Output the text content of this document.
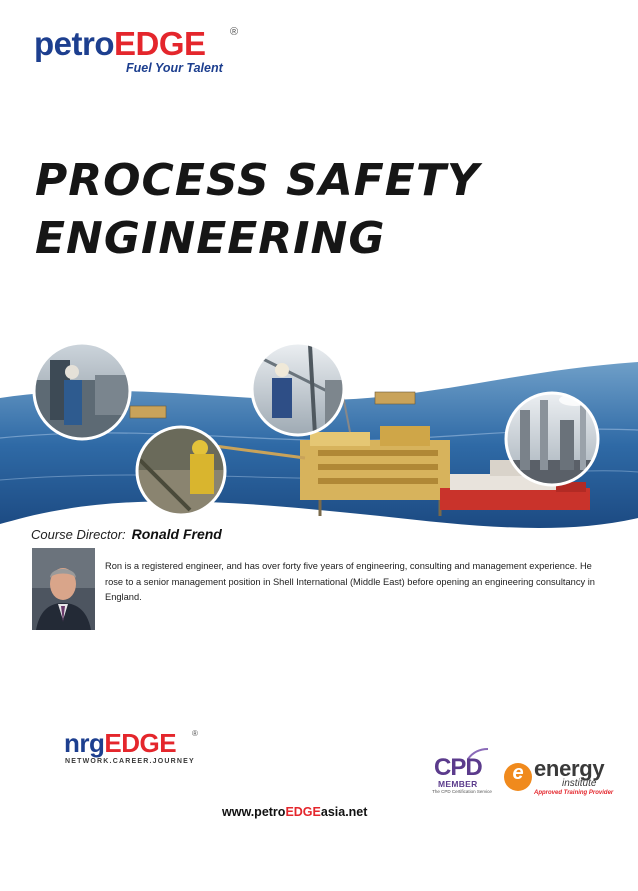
petroEDGE ®
Fuel Your Talent
PROCESS SAFETY
ENGINEERING
Course Director: Ronald Frend

Ron is a registered engineer, and has over forty five years of engineering, consulting and management experience. He rose to a senior management position in Shell International (Middle East) before opening an engineering consultancy in England.

nrgEDGE ®
NETWORK.CAREER.JOURNEY	CPD
MEMBER
The CPD Certification Service
e energy
institute
Approved Training Provider
www.petroEDGEasia.net
